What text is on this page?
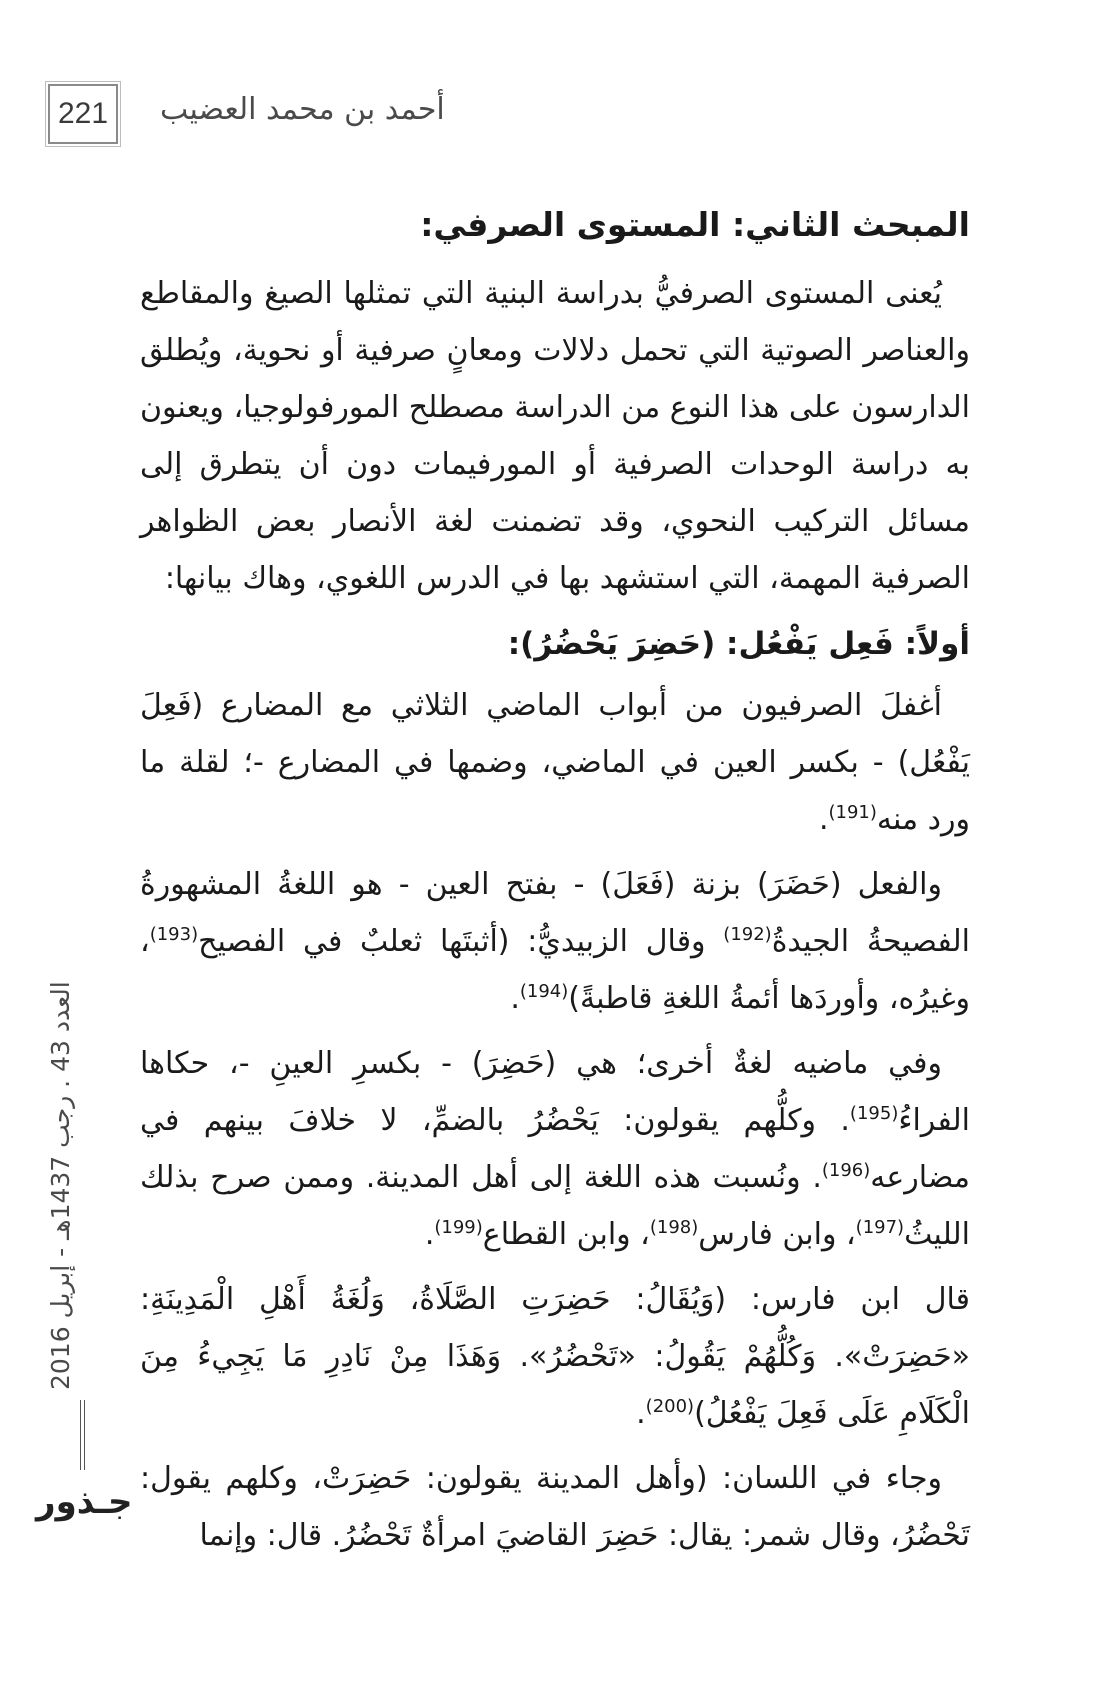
221	أحمد بن محمد العضيب
المبحث الثاني: المستوى الصرفي:

يُعنى المستوى الصرفيُّ بدراسة البنية التي تمثلها الصيغ والمقاطع والعناصر الصوتية التي تحمل دلالات ومعانٍ صرفية أو نحوية، ويُطلق الدارسون على هذا النوع من الدراسة مصطلح المورفولوجيا، ويعنون به دراسة الوحدات الصرفية أو المورفيمات دون أن يتطرق إلى مسائل التركيب النحوي، وقد تضمنت لغة الأنصار بعض الظواهر الصرفية المهمة، التي استشهد بها في الدرس اللغوي، وهاك بيانها:

أولاً: فَعِل يَفْعُل: (حَضِرَ يَحْضُرُ):

أغفلَ الصرفيون من أبواب الماضي الثلاثي مع المضارع (فَعِلَ يَفْعُل) - بكسر العين في الماضي، وضمها في المضارع -؛ لقلة ما ورد منه$^{(191)}$.

والفعل (حَضَرَ) بزنة (فَعَلَ) - بفتح العين - هو اللغةُ المشهورةُ الفصيحةُ الجيدةُ$^{(192)}$ وقال الزبيديُّ: (أثبتَها ثعلبٌ في الفصيح$^{(193)}$، وغيرُه، وأوردَها أئمةُ اللغةِ قاطبةً)$^{(194)}$.

وفي ماضيه لغةٌ أخرى؛ هي (حَضِرَ) - بكسرِ العينِ -، حكاها الفراءُ$^{(195)}$. وكلُّهم يقولون: يَحْضُرُ بالضمِّ، لا خلافَ بينهم في مضارعه$^{(196)}$. ونُسبت هذه اللغة إلى أهل المدينة. وممن صرح بذلك الليثُ$^{(197)}$، وابن فارس$^{(198)}$، وابن القطاع$^{(199)}$.

قال ابن فارس: (وَيُقَالُ: حَضِرَتِ الصَّلَاةُ، وَلُغَةُ أَهْلِ الْمَدِينَةِ: «حَضِرَتْ». وَكُلُّهُمْ يَقُولُ: «تَحْضُرُ». وَهَذَا مِنْ نَادِرِ مَا يَجِيءُ مِنَ الْكَلَامِ عَلَى فَعِلَ يَفْعُلُ)$^{(200)}$.

وجاء في اللسان: (وأهل المدينة يقولون: حَضِرَتْ، وكلهم يقول: تَحْضُرُ، وقال شمر: يقال: حَضِرَ القاضيَ امرأةٌ تَحْضُرُ. قال: وإنما

العدد 43 . رجب 1437هـ - إبريل 2016
جـذور
